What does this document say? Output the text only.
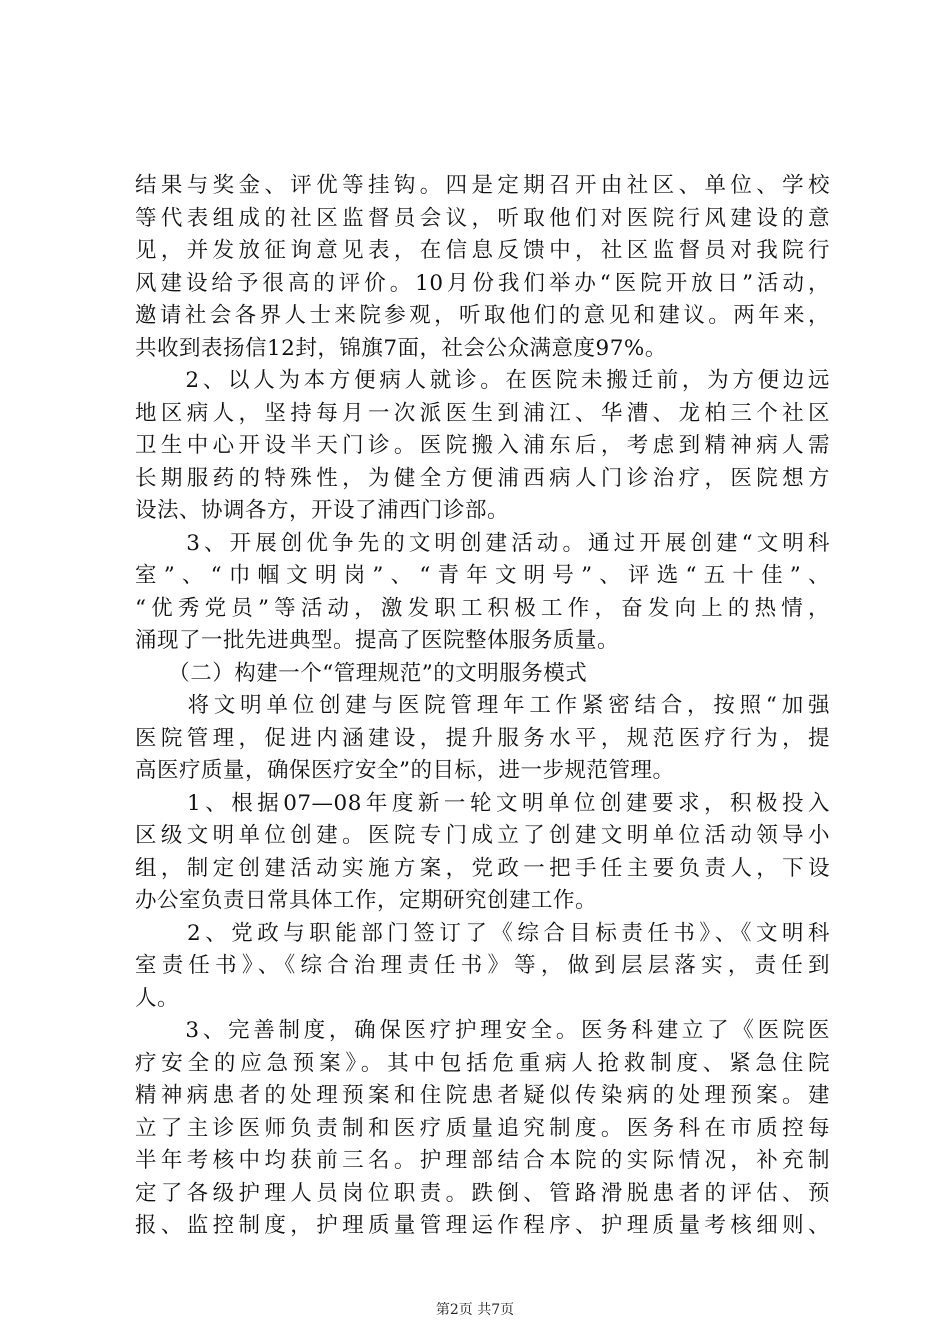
结果与奖金、评优等挂钩。四是定期召开由社区、单位、学校
等代表组成的社区监督员会议，听取他们对医院行风建设的意
见，并发放征询意见表，在信息反馈中，社区监督员对我院行
风建设给予很高的评价。10月份我们举办“医院开放日”活动，
邀请社会各界人士来院参观，听取他们的意见和建议。两年来，
共收到表扬信12封，锦旗7面，社会公众满意度97%。
　　2、以人为本方便病人就诊。在医院未搬迁前，为方便边远
地区病人，坚持每月一次派医生到浦江、华漕、龙柏三个社区
卫生中心开设半天门诊。医院搬入浦东后，考虑到精神病人需
长期服药的特殊性，为健全方便浦西病人门诊治疗，医院想方
设法、协调各方，开设了浦西门诊部。
　　3、开展创优争先的文明创建活动。通过开展创建“文明科
室”、“巾帼文明岗”、“青年文明号”、评选“五十佳”、
“优秀党员”等活动，激发职工积极工作，奋发向上的热情，
涌现了一批先进典型。提高了医院整体服务质量。
　　（二）构建一个“管理规范”的文明服务模式
　　将文明单位创建与医院管理年工作紧密结合，按照“加强
医院管理，促进内涵建设，提升服务水平，规范医疗行为，提
高医疗质量，确保医疗安全”的目标，进一步规范管理。
　　1、根据07—08年度新一轮文明单位创建要求，积极投入
区级文明单位创建。医院专门成立了创建文明单位活动领导小
组，制定创建活动实施方案，党政一把手任主要负责人，下设
办公室负责日常具体工作，定期研究创建工作。
　　2、党政与职能部门签订了《综合目标责任书》、《文明科
室责任书》、《综合治理责任书》等，做到层层落实，责任到
人。
　　3、完善制度，确保医疗护理安全。医务科建立了《医院医
疗安全的应急预案》。其中包括危重病人抢救制度、紧急住院
精神病患者的处理预案和住院患者疑似传染病的处理预案。建
立了主诊医师负责制和医疗质量追究制度。医务科在市质控每
半年考核中均获前三名。护理部结合本院的实际情况，补充制
定了各级护理人员岗位职责。跌倒、管路滑脱患者的评估、预
报、监控制度，护理质量管理运作程序、护理质量考核细则、
第2页 共7页
